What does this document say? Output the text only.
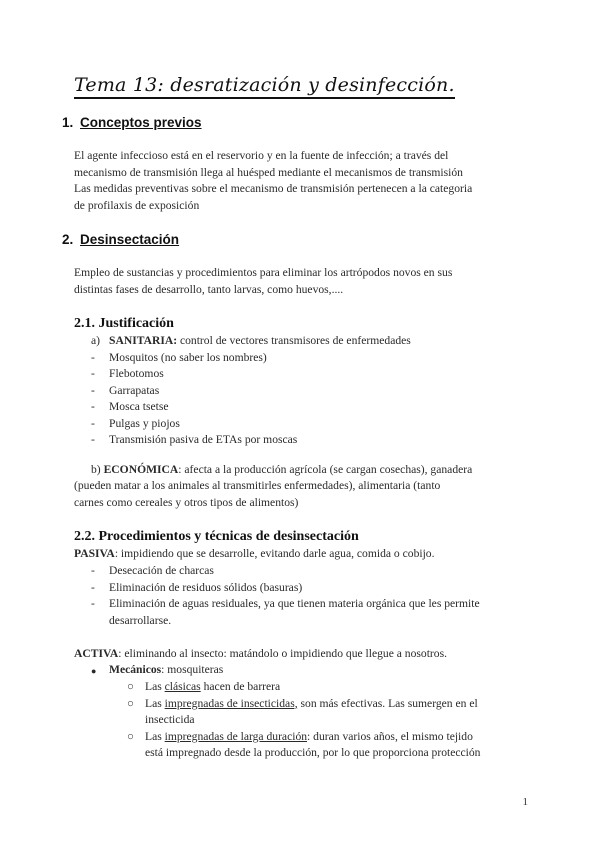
Tema 13: desratización y desinfección.
1. Conceptos previos
El agente infeccioso está en el reservorio y en la fuente de infección; a través del
mecanismo de transmisión llega al huésped mediante el mecanismos de transmisión
Las medidas preventivas sobre el mecanismo de transmisión pertenecen a la categoria
de profilaxis de exposición
2. Desinsectación
Empleo de sustancias y procedimientos para eliminar los artrópodos novos en sus
distintas fases de desarrollo, tanto larvas, como huevos,....
2.1. Justificación
a) SANITARIA: control de vectores transmisores de enfermedades
- Mosquitos (no saber los nombres)
- Flebotomos
- Garrapatas
- Mosca tsetse
- Pulgas y piojos
- Transmisión pasiva de ETAs por moscas
b) ECONÓMICA: afecta a la producción agrícola (se cargan cosechas), ganadera
(pueden matar a los animales al transmitirles enfermedades), alimentaria (tanto
carnes como cereales y otros tipos de alimentos)
2.2. Procedimientos y técnicas de desinsectación
PASIVA: impidiendo que se desarrolle, evitando darle agua, comida o cobijo.
- Desecación de charcas
- Eliminación de residuos sólidos (basuras)
- Eliminación de aguas residuales, ya que tienen materia orgánica que les permite
desarrollarse.
ACTIVA: eliminando al insecto: matándolo o impidiendo que llegue a nosotros.
● Mecánicos: mosquiteras
○ Las clásicas hacen de barrera
○ Las impregnadas de insecticidas, son más efectivas. Las sumergen en el
insecticida
○ Las impregnadas de larga duración: duran varios años, el mismo tejido
está impregnado desde la producción, por lo que proporciona protección
1
